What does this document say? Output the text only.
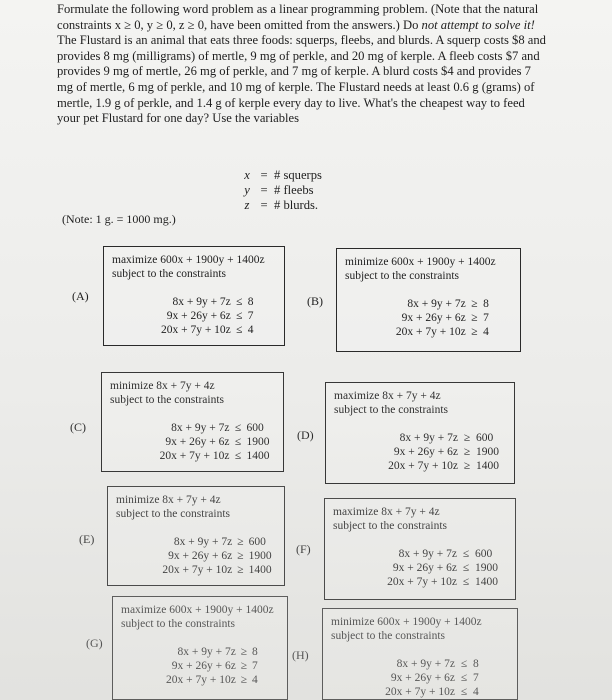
Formulate the following word problem as a linear programming problem. (Note that the natural constraints x ≥ 0, y ≥ 0, z ≥ 0, have been omitted from the answers.) Do not attempt to solve it!

The Flustard is an animal that eats three foods: squerps, fleebs, and blurds. A squerp costs $8 and provides 8 mg (milligrams) of mertle, 9 mg of perkle, and 20 mg of kerple. A fleeb costs $7 and provides 9 mg of mertle, 26 mg of perkle, and 7 mg of kerple. A blurd costs $4 and provides 7 mg of mertle, 6 mg of perkle, and 10 mg of kerple. The Flustard needs at least 0.6 g (grams) of mertle, 1.9 g of perkle, and 1.4 g of kerple every day to live. What's the cheapest way to feed your pet Flustard for one day? Use the variables

x = # squerps
y = # fleebs
z = # blurds.
(Note: 1 g. = 1000 mg.)
(A)
maximize 600x + 1900y + 1400z
subject to the constraints
8x + 9y + 7z ≤ 8
9x + 26y + 6z ≤ 7
20x + 7y + 10z ≤ 4
(B)
minimize 600x + 1900y + 1400z
subject to the constraints
8x + 9y + 7z ≥ 8
9x + 26y + 6z ≥ 7
20x + 7y + 10z ≥ 4
(C)
minimize 8x + 7y + 4z
subject to the constraints
8x + 9y + 7z ≤ 600
9x + 26y + 6z ≤ 1900
20x + 7y + 10z ≤ 1400
(D)
maximize 8x + 7y + 4z
subject to the constraints
8x + 9y + 7z ≥ 600
9x + 26y + 6z ≥ 1900
20x + 7y + 10z ≥ 1400
(E)
minimize 8x + 7y + 4z
subject to the constraints
8x + 9y + 7z ≥ 600
9x + 26y + 6z ≥ 1900
20x + 7y + 10z ≥ 1400
(F)
maximize 8x + 7y + 4z
subject to the constraints
8x + 9y + 7z ≤ 600
9x + 26y + 6z ≤ 1900
20x + 7y + 10z ≤ 1400
(G)
maximize 600x + 1900y + 1400z
subject to the constraints
8x + 9y + 7z ≥ 8
9x + 26y + 6z ≥ 7
20x + 7y + 10z ≥ 4
(H)
minimize 600x + 1900y + 1400z
subject to the constraints
8x + 9y + 7z ≤ 8
9x + 26y + 6z ≤ 7
20x + 7y + 10z ≤ 4
